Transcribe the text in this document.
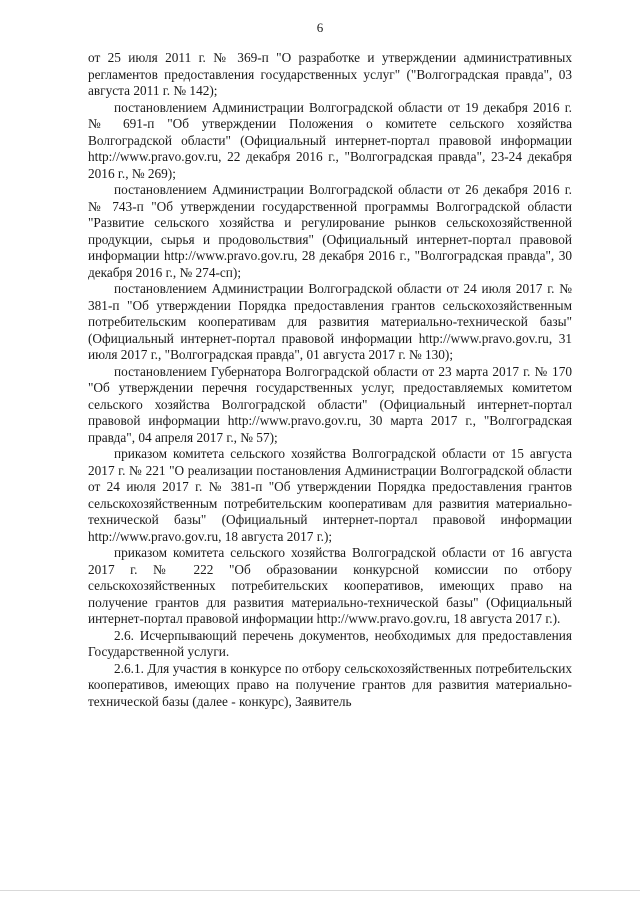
6

от 25 июля 2011 г. № 369-п "О разработке и утверждении административных регламентов предоставления государственных услуг" ("Волгоградская правда", 03 августа 2011 г. № 142);

постановлением Администрации Волгоградской области от 19 декабря 2016 г. № 691-п "Об утверждении Положения о комитете сельского хозяйства Волгоградской области" (Официальный интернет-портал правовой информации http://www.pravo.gov.ru, 22 декабря 2016 г., "Волгоградская правда", 23-24 декабря 2016 г., № 269);

постановлением Администрации Волгоградской области от 26 декабря 2016 г. № 743-п "Об утверждении государственной программы Волгоградской области "Развитие сельского хозяйства и регулирование рынков сельскохозяйственной продукции, сырья и продовольствия" (Официальный интернет-портал правовой информации http://www.pravo.gov.ru, 28 декабря 2016 г., "Волгоградская правда", 30 декабря 2016 г., № 274-сп);

постановлением Администрации Волгоградской области от 24 июля 2017 г. № 381-п "Об утверждении Порядка предоставления грантов сельскохозяйственным потребительским кооперативам для развития материально-технической базы" (Официальный интернет-портал правовой информации http://www.pravo.gov.ru, 31 июля 2017 г., "Волгоградская правда", 01 августа 2017 г. № 130);

постановлением Губернатора Волгоградской области от 23 марта 2017 г. № 170 "Об утверждении перечня государственных услуг, предоставляемых комитетом сельского хозяйства Волгоградской области" (Официальный интернет-портал правовой информации http://www.pravo.gov.ru, 30 марта 2017 г., "Волгоградская правда", 04 апреля 2017 г., № 57);

приказом комитета сельского хозяйства Волгоградской области от 15 августа 2017 г. № 221 "О реализации постановления Администрации Волгоградской области от 24 июля 2017 г. № 381-п "Об утверждении Порядка предоставления грантов сельскохозяйственным потребительским кооперативам для развития материально-технической базы" (Официальный интернет-портал правовой информации http://www.pravo.gov.ru, 18 августа 2017 г.);

приказом комитета сельского хозяйства Волгоградской области от 16 августа 2017 г. № 222 "Об образовании конкурсной комиссии по отбору сельскохозяйственных потребительских кооперативов, имеющих право на получение грантов для развития материально-технической базы" (Официальный интернет-портал правовой информации http://www.pravo.gov.ru, 18 августа 2017 г.).

2.6. Исчерпывающий перечень документов, необходимых для предоставления Государственной услуги.

2.6.1. Для участия в конкурсе по отбору сельскохозяйственных потребительских кооперативов, имеющих право на получение грантов для развития материально-технической базы (далее - конкурс), Заявитель
